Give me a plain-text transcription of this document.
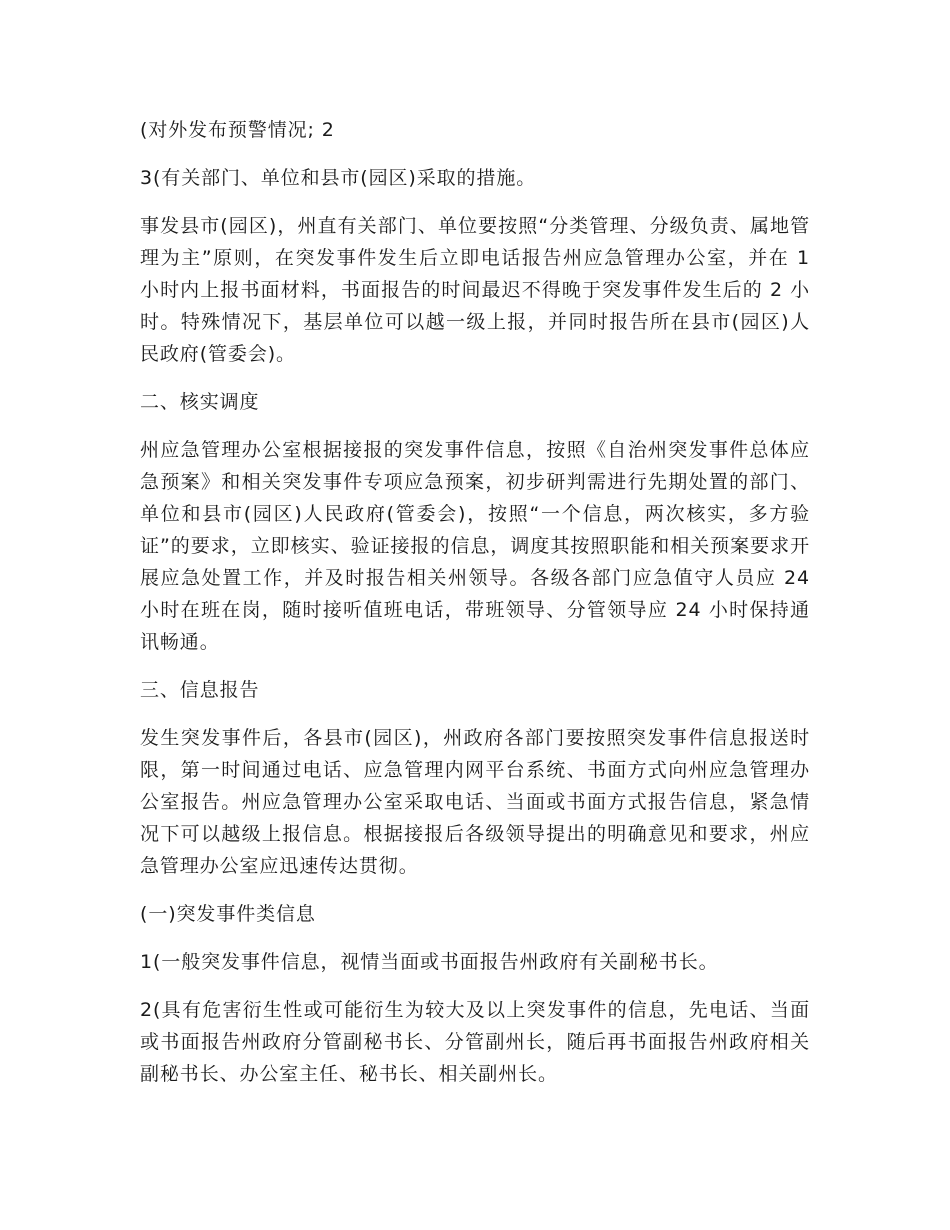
(对外发布预警情况; 2

3(有关部门、单位和县市(园区)采取的措施。

事发县市(园区)，州直有关部门、单位要按照“分类管理、分级负责、属地管理为主”原则，在突发事件发生后立即电话报告州应急管理办公室，并在 1 小时内上报书面材料，书面报告的时间最迟不得晚于突发事件发生后的 2 小时。特殊情况下，基层单位可以越一级上报，并同时报告所在县市(园区)人民政府(管委会)。

二、核实调度

州应急管理办公室根据接报的突发事件信息，按照《自治州突发事件总体应急预案》和相关突发事件专项应急预案，初步研判需进行先期处置的部门、单位和县市(园区)人民政府(管委会)，按照“一个信息，两次核实，多方验证”的要求，立即核实、验证接报的信息，调度其按照职能和相关预案要求开展应急处置工作，并及时报告相关州领导。各级各部门应急值守人员应 24 小时在班在岗，随时接听值班电话，带班领导、分管领导应 24 小时保持通讯畅通。

三、信息报告

发生突发事件后，各县市(园区)，州政府各部门要按照突发事件信息报送时限，第一时间通过电话、应急管理内网平台系统、书面方式向州应急管理办公室报告。州应急管理办公室采取电话、当面或书面方式报告信息，紧急情况下可以越级上报信息。根据接报后各级领导提出的明确意见和要求，州应急管理办公室应迅速传达贯彻。

(一)突发事件类信息

1(一般突发事件信息，视情当面或书面报告州政府有关副秘书长。

2(具有危害衍生性或可能衍生为较大及以上突发事件的信息，先电话、当面或书面报告州政府分管副秘书长、分管副州长，随后再书面报告州政府相关副秘书长、办公室主任、秘书长、相关副州长。
